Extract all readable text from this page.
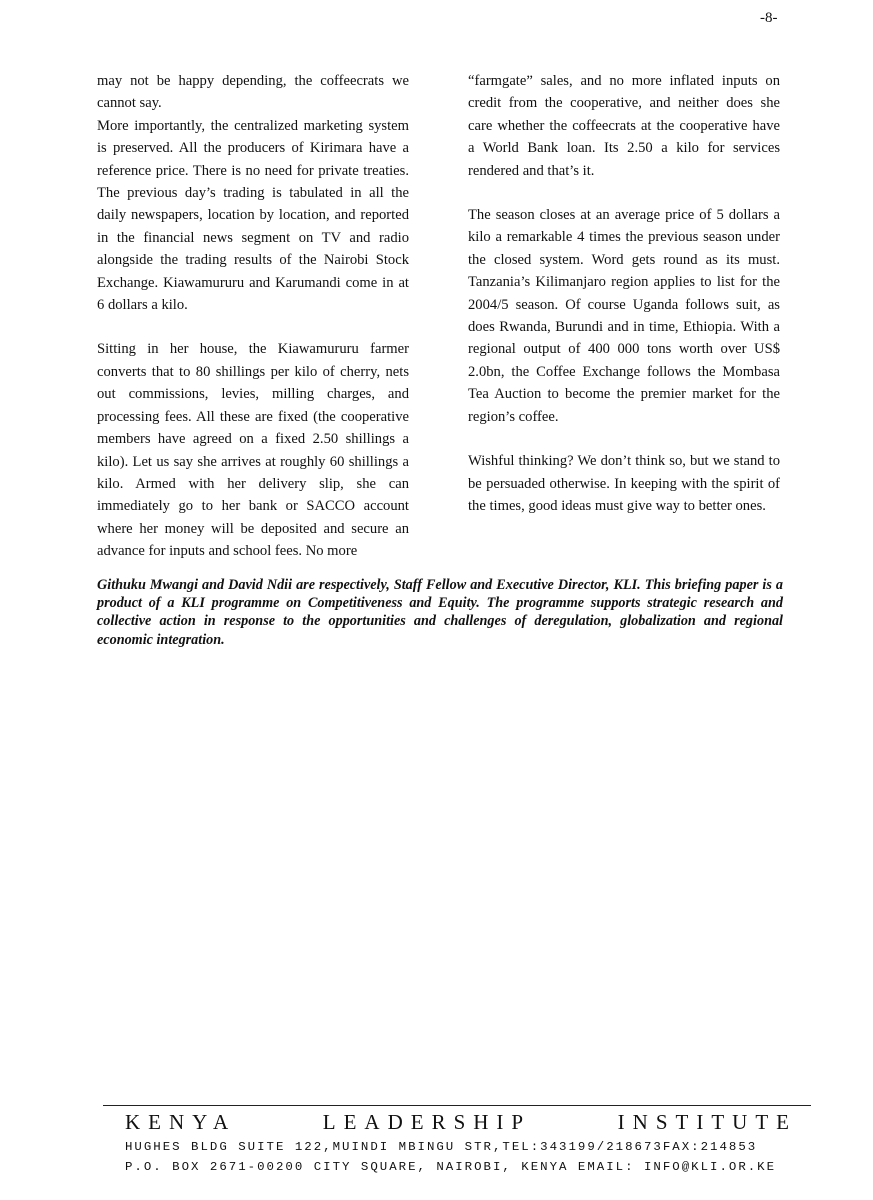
-8-

may not be happy depending, the coffeecrats we cannot say.

More importantly, the centralized marketing system is preserved. All the producers of Kirimara have a reference price. There is no need for private treaties. The previous day’s trading is tabulated in all the daily newspapers, location by location, and reported in the financial news segment on TV and radio alongside the trading results of the Nairobi Stock Exchange. Kiawamururu and Karumandi come in at 6 dollars a kilo.

Sitting in her house, the Kiawamururu farmer converts that to 80 shillings per kilo of cherry, nets out commissions, levies, milling charges, and processing fees. All these are fixed (the cooperative members have agreed on a fixed 2.50 shillings a kilo). Let us say she arrives at roughly 60 shillings a kilo. Armed with her delivery slip, she can immediately go to her bank or SACCO account where her money will be deposited and secure an advance for inputs and school fees. No more

“farmgate” sales, and no more inflated inputs on credit from the cooperative, and neither does she care whether the coffeecrats at the cooperative have a World Bank loan. Its 2.50 a kilo for services rendered and that’s it.

The season closes at an average price of 5 dollars a kilo a remarkable 4 times the previous season under the closed system. Word gets round as its must. Tanzania’s Kilimanjaro region applies to list for the 2004/5 season. Of course Uganda follows suit, as does Rwanda, Burundi and in time, Ethiopia. With a regional output of 400 000 tons worth over US$ 2.0bn, the Coffee Exchange follows the Mombasa Tea Auction to become the premier market for the region’s coffee.

Wishful thinking? We don’t think so, but we stand to be persuaded otherwise. In keeping with the spirit of the times, good ideas must give way to better ones.

Githuku Mwangi and David Ndii are respectively, Staff Fellow and Executive Director, KLI. This briefing paper is a product of a KLI programme on Competitiveness and Equity. The programme supports strategic research and collective action in response to the opportunities and challenges of deregulation, globalization and regional economic integration.
KENYA	LEADERSHIP	INSTITUTE
HUGHES BLDG SUITE 122,MUINDI MBINGU STR,TEL:343199/218673FAX:214853
P.O. BOX 2671-00200 CITY SQUARE, NAIROBI, KENYA EMAIL: INFO@KLI.OR.KE
